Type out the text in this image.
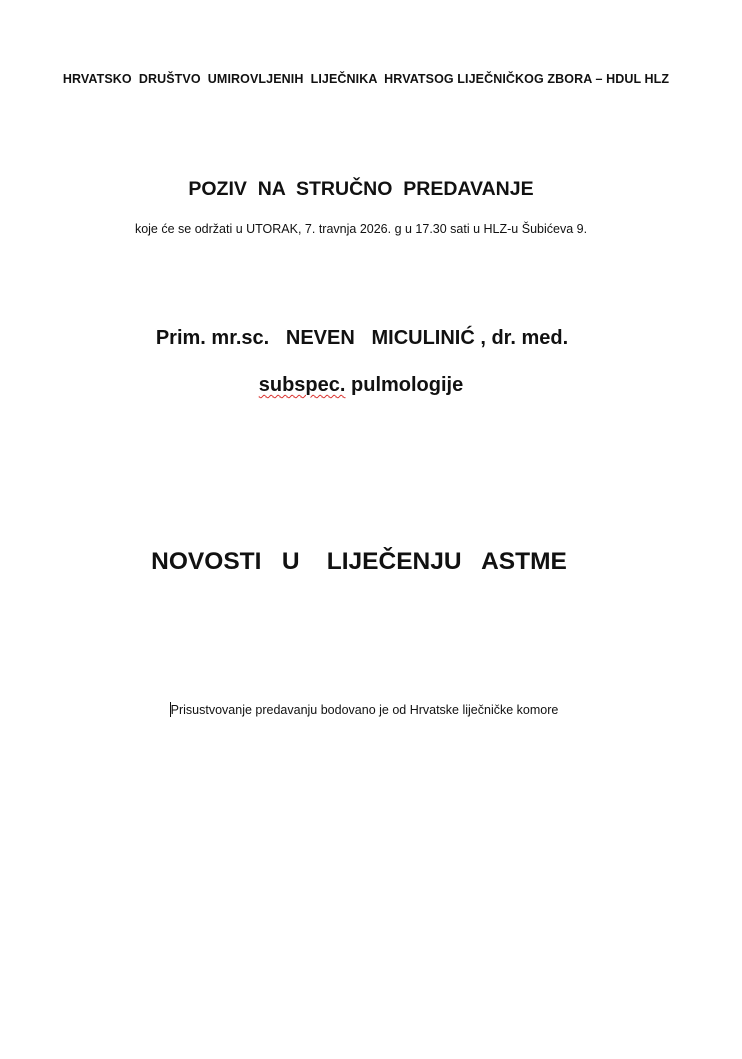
HRVATSKO  DRUŠTVO  UMIROVLJENIH  LIJEČNIKA  HRVATSOG LIJEČNIČKOG ZBORA – HDUL HLZ
POZIV  NA  STRUČNO  PREDAVANJE
koje će se održati u UTORAK, 7. travnja 2026. g u 17.30 sati u HLZ-u Šubićeva 9.
Prim. mr.sc.   NEVEN   MICULINIĆ , dr. med.
subspec. pulmologije
NOVOSTI   U    LIJEČENJU   ASTME
Prisustvovanje predavanju bodovano je od Hrvatske liječničke komore
